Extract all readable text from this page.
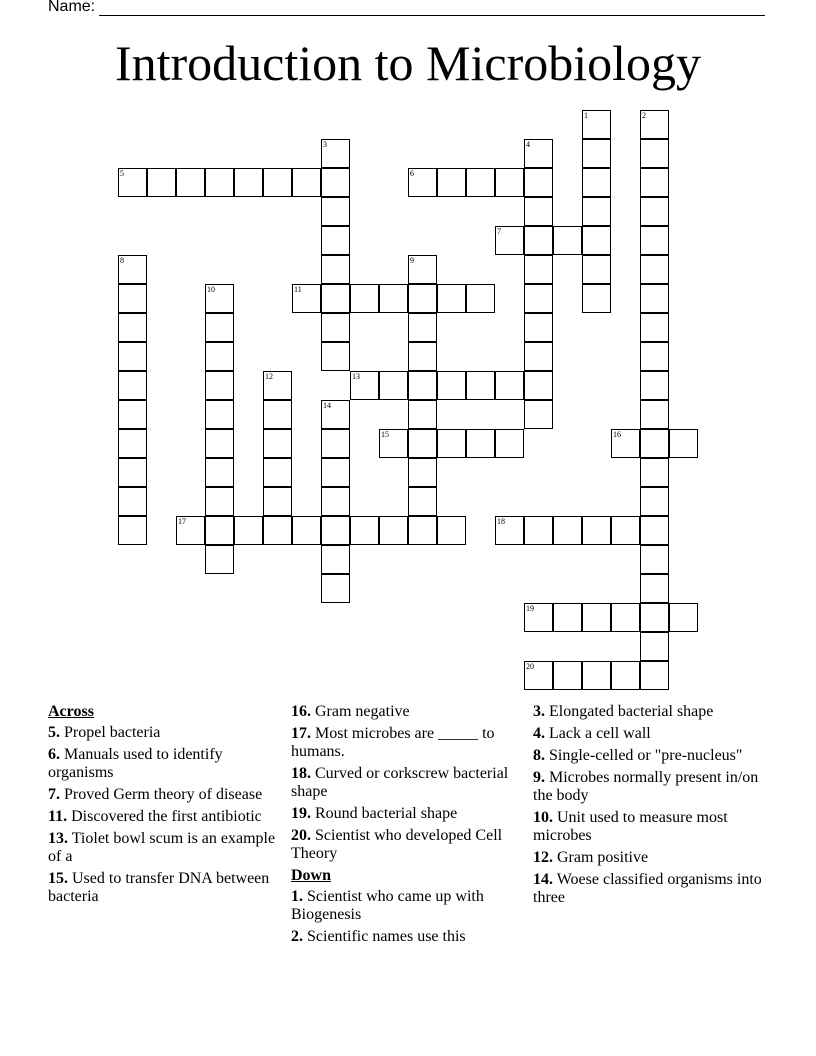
Name:
Introduction to Microbiology
1	2
3	4
5	6
7
8	9
10	11
12	13
14
15	16
17	18
19
20
Across
5. Propel bacteria
6. Manuals used to identify organisms
7. Proved Germ theory of disease
11. Discovered the first antibiotic
13. Tiolet bowl scum is an example of a
15. Used to transfer DNA between bacteria
16. Gram negative
17. Most microbes are _____ to humans.
18. Curved or corkscrew bacterial shape
19. Round bacterial shape
20. Scientist who developed Cell Theory
Down
1. Scientist who came up with Biogenesis
2. Scientific names use this
3. Elongated bacterial shape
4. Lack a cell wall
8. Single-celled or "pre-nucleus"
9. Microbes normally present in/on the body
10. Unit used to measure most microbes
12. Gram positive
14. Woese classified organisms into three
